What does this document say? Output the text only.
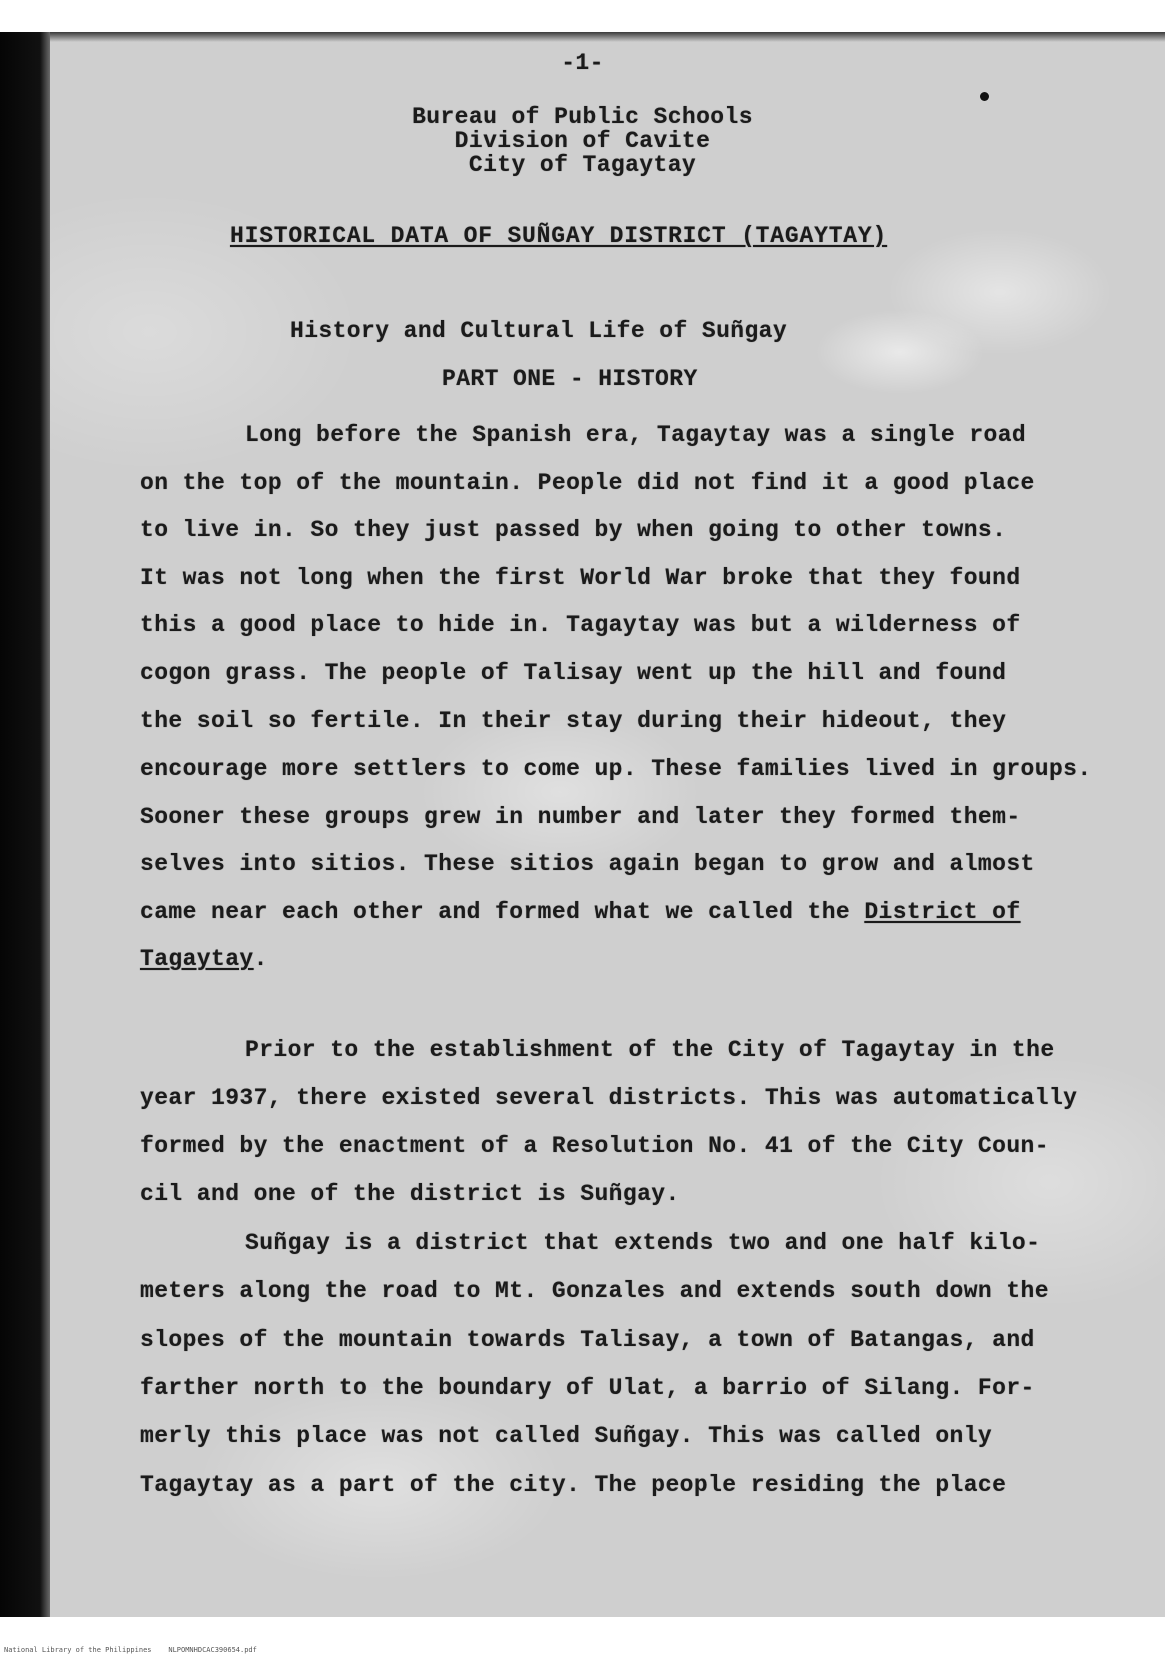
-1-
Bureau of Public Schools
Division of Cavite
City of Tagaytay
HISTORICAL DATA OF SUÑGAY DISTRICT (TAGAYTAY)
History and Cultural Life of Suñgay
PART ONE - HISTORY
Long before the Spanish era, Tagaytay was a single road
on the top of the mountain. People did not find it a good place
to live in. So they just passed by when going to other towns.
It was not long when the first World War broke that they found
this a good place to hide in. Tagaytay was but a wilderness of
cogon grass. The people of Talisay went up the hill and found
the soil so fertile. In their stay during their hideout, they
encourage more settlers to come up. These families lived in groups.
Sooner these groups grew in number and later they formed them-
selves into sitios. These sitios again began to grow and almost
came near each other and formed what we called the District of
Tagaytay.
Prior to the establishment of the City of Tagaytay in the
year 1937, there existed several districts. This was automatically
formed by the enactment of a Resolution No. 41 of the City Coun-
cil and one of the district is Suñgay.
Suñgay is a district that extends two and one half kilo-
meters along the road to Mt. Gonzales and extends south down the
slopes of the mountain towards Talisay, a town of Batangas, and
farther north to the boundary of Ulat, a barrio of Silang. For-
merly this place was not called Suñgay. This was called only
Tagaytay as a part of the city. The people residing the place
National Library of the Philippines    NLPOMNHDCAC390654.pdf
